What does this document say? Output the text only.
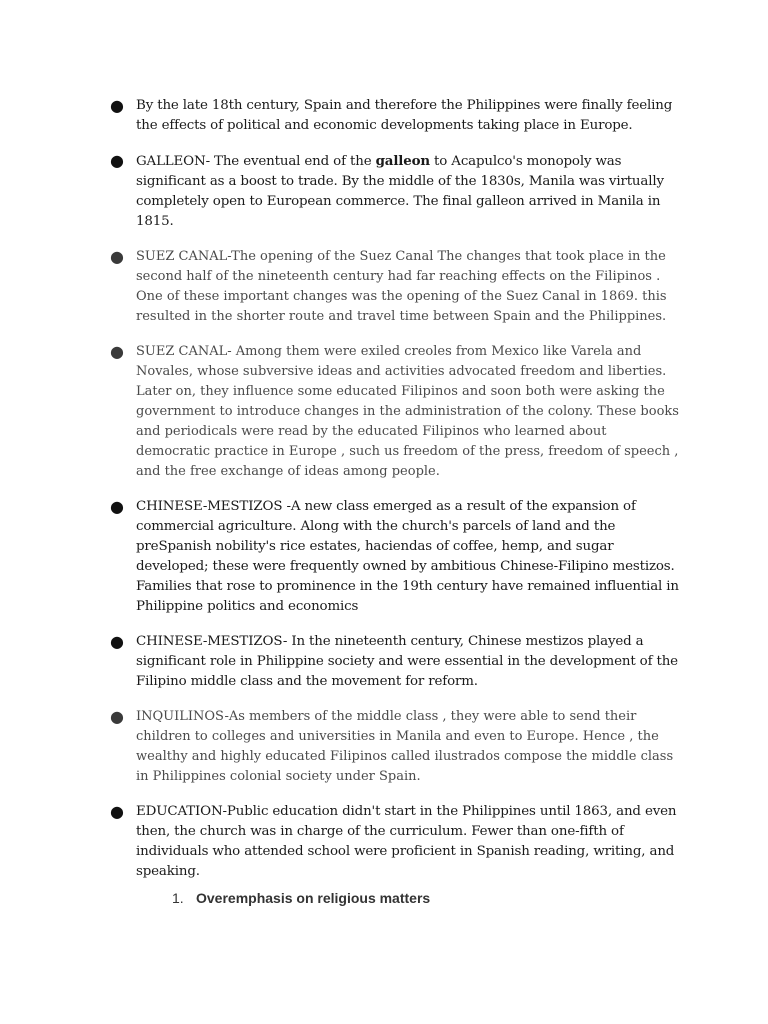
● By the late 18th century, Spain and therefore the Philippines were finally feeling the effects of political and economic developments taking place in Europe.
● GALLEON- The eventual end of the galleon to Acapulco's monopoly was significant as a boost to trade. By the middle of the 1830s, Manila was virtually completely open to European commerce. The final galleon arrived in Manila in 1815.
● SUEZ CANAL-The opening of the Suez Canal The changes that took place in the second half of the nineteenth century had far reaching effects on the Filipinos . One of these important changes was the opening of the Suez Canal in 1869. this resulted in the shorter route and travel time between Spain and the Philippines.
● SUEZ CANAL- Among them were exiled creoles from Mexico like Varela and Novales, whose subversive ideas and activities advocated freedom and liberties. Later on, they influence some educated Filipinos and soon both were asking the government to introduce changes in the administration of the colony. These books and periodicals were read by the educated Filipinos who learned about democratic practice in Europe , such us freedom of the press, freedom of speech , and the free exchange of ideas among people.
● CHINESE-MESTIZOS -A new class emerged as a result of the expansion of commercial agriculture. Along with the church's parcels of land and the preSpanish nobility's rice estates, haciendas of coffee, hemp, and sugar developed; these were frequently owned by ambitious Chinese-Filipino mestizos. Families that rose to prominence in the 19th century have remained influential in Philippine politics and economics
● CHINESE-MESTIZOS- In the nineteenth century, Chinese mestizos played a significant role in Philippine society and were essential in the development of the Filipino middle class and the movement for reform.
● INQUILINOS-As members of the middle class , they were able to send their children to colleges and universities in Manila and even to Europe. Hence , the wealthy and highly educated Filipinos called ilustrados compose the middle class in Philippines colonial society under Spain.
● EDUCATION-Public education didn't start in the Philippines until 1863, and even then, the church was in charge of the curriculum. Fewer than one-fifth of individuals who attended school were proficient in Spanish reading, writing, and speaking.
1. Overemphasis on religious matters
